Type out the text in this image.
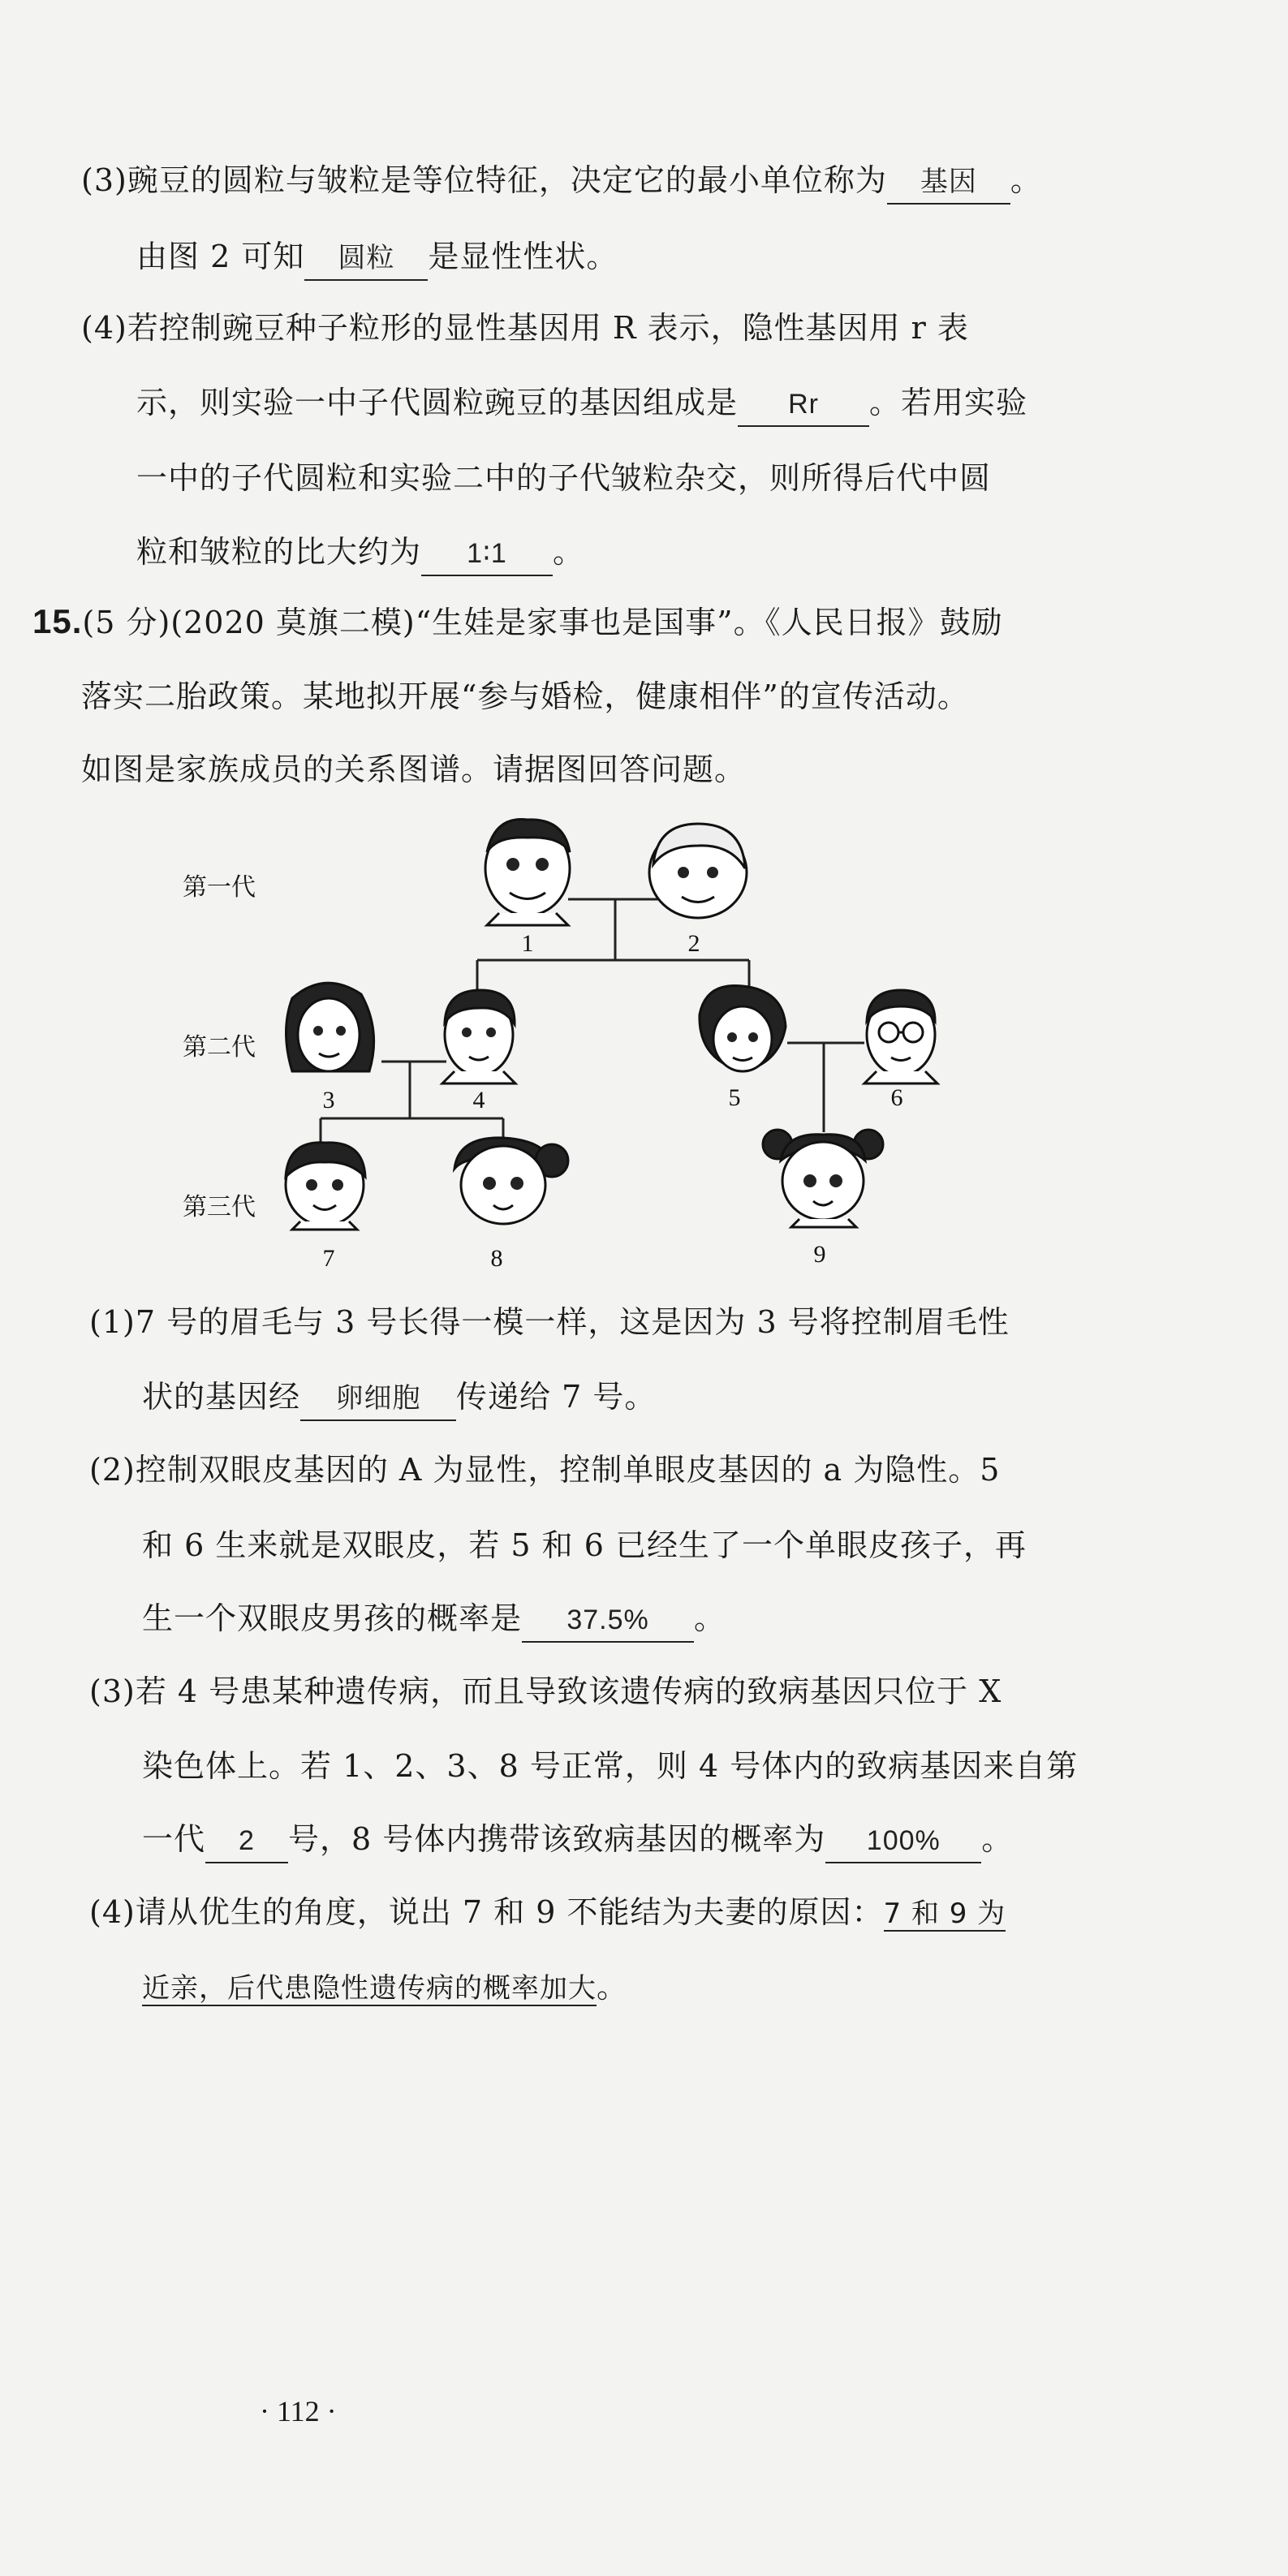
(3)豌豆的圆粒与皱粒是等位特征，决定它的最小单位称为 基因 。
由图 2 可知 圆粒 是显性性状。
(4)若控制豌豆种子粒形的显性基因用 R 表示，隐性基因用 r 表
示，则实验一中子代圆粒豌豆的基因组成是 Rr 。若用实验
一中的子代圆粒和实验二中的子代皱粒杂交，则所得后代中圆
粒和皱粒的比大约为 1∶1 。
15.(5 分)(2020 莫旗二模)“生娃是家事也是国事”。《人民日报》鼓励
落实二胎政策。某地拟开展“参与婚检，健康相伴”的宣传活动。
如图是家族成员的关系图谱。请据图回答问题。
第一代
第二代
第三代
1	2
3	4	5	6
7	8	9
(1)7 号的眉毛与 3 号长得一模一样，这是因为 3 号将控制眉毛性
状的基因经 卵细胞 传递给 7 号。
(2)控制双眼皮基因的 A 为显性，控制单眼皮基因的 a 为隐性。5
和 6 生来就是双眼皮，若 5 和 6 已经生了一个单眼皮孩子，再
生一个双眼皮男孩的概率是 37.5% 。
(3)若 4 号患某种遗传病，而且导致该遗传病的致病基因只位于 X
染色体上。若 1、2、3、8 号正常，则 4 号体内的致病基因来自第
一代 2 号，8 号体内携带该致病基因的概率为 100% 。
(4)请从优生的角度，说出 7 和 9 不能结为夫妻的原因：7 和 9 为
近亲，后代患隐性遗传病的概率加大。
· 112 ·
